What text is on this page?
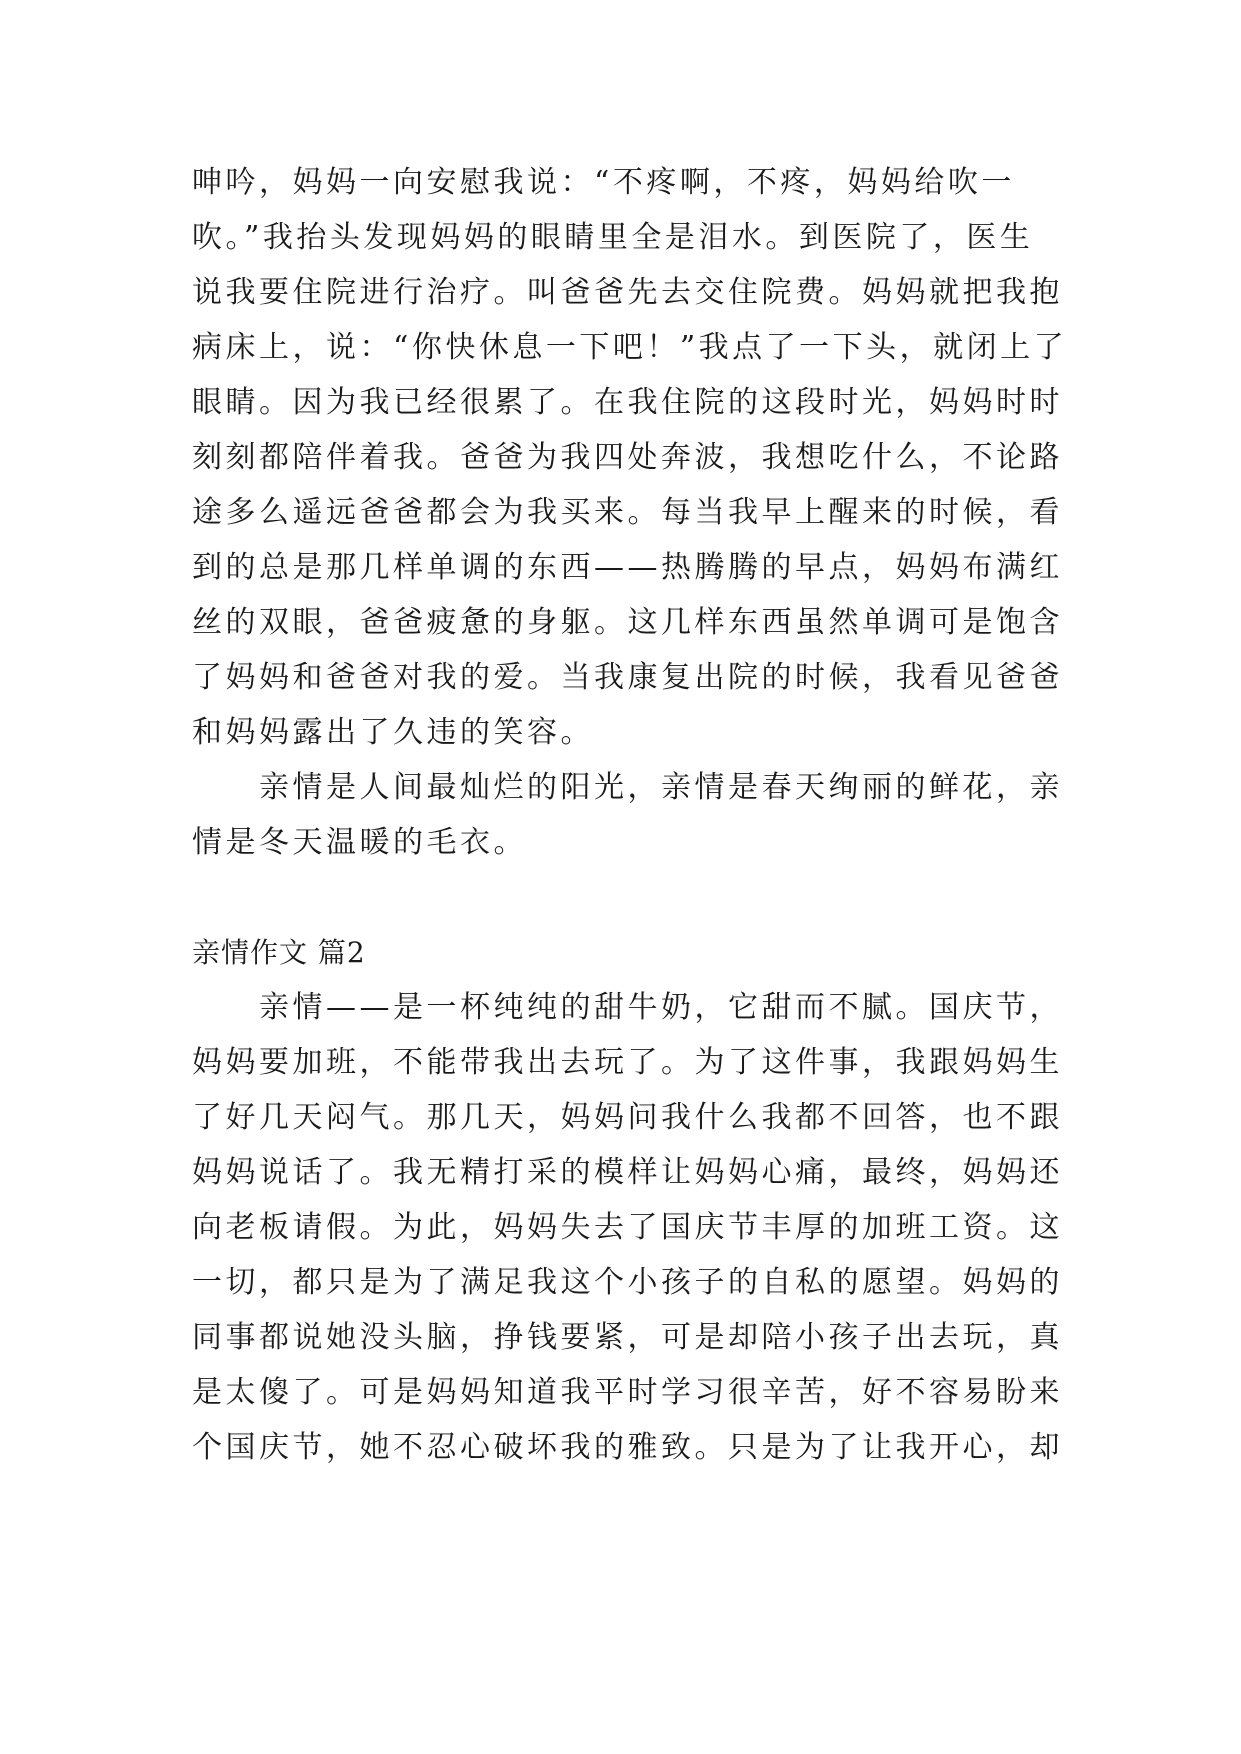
呻吟，妈妈一向安慰我说：“不疼啊，不疼，妈妈给吹一
吹。”我抬头发现妈妈的眼睛里全是泪水。到医院了，医生
说我要住院进行治疗。叫爸爸先去交住院费。妈妈就把我抱
病床上，说：“你快休息一下吧！”我点了一下头，就闭上了
眼睛。因为我已经很累了。在我住院的这段时光，妈妈时时
刻刻都陪伴着我。爸爸为我四处奔波，我想吃什么，不论路
途多么遥远爸爸都会为我买来。每当我早上醒来的时候，看
到的总是那几样单调的东西——热腾腾的早点，妈妈布满红
丝的双眼，爸爸疲惫的身躯。这几样东西虽然单调可是饱含
了妈妈和爸爸对我的爱。当我康复出院的时候，我看见爸爸
和妈妈露出了久违的笑容。
　　亲情是人间最灿烂的阳光，亲情是春天绚丽的鲜花，亲
情是冬天温暖的毛衣。
亲情作文 篇2
　　亲情——是一杯纯纯的甜牛奶，它甜而不腻。国庆节，
妈妈要加班，不能带我出去玩了。为了这件事，我跟妈妈生
了好几天闷气。那几天，妈妈问我什么我都不回答，也不跟
妈妈说话了。我无精打采的模样让妈妈心痛，最终，妈妈还
向老板请假。为此，妈妈失去了国庆节丰厚的加班工资。这
一切，都只是为了满足我这个小孩子的自私的愿望。妈妈的
同事都说她没头脑，挣钱要紧，可是却陪小孩子出去玩，真
是太傻了。可是妈妈知道我平时学习很辛苦，好不容易盼来
个国庆节，她不忍心破坏我的雅致。只是为了让我开心，却
